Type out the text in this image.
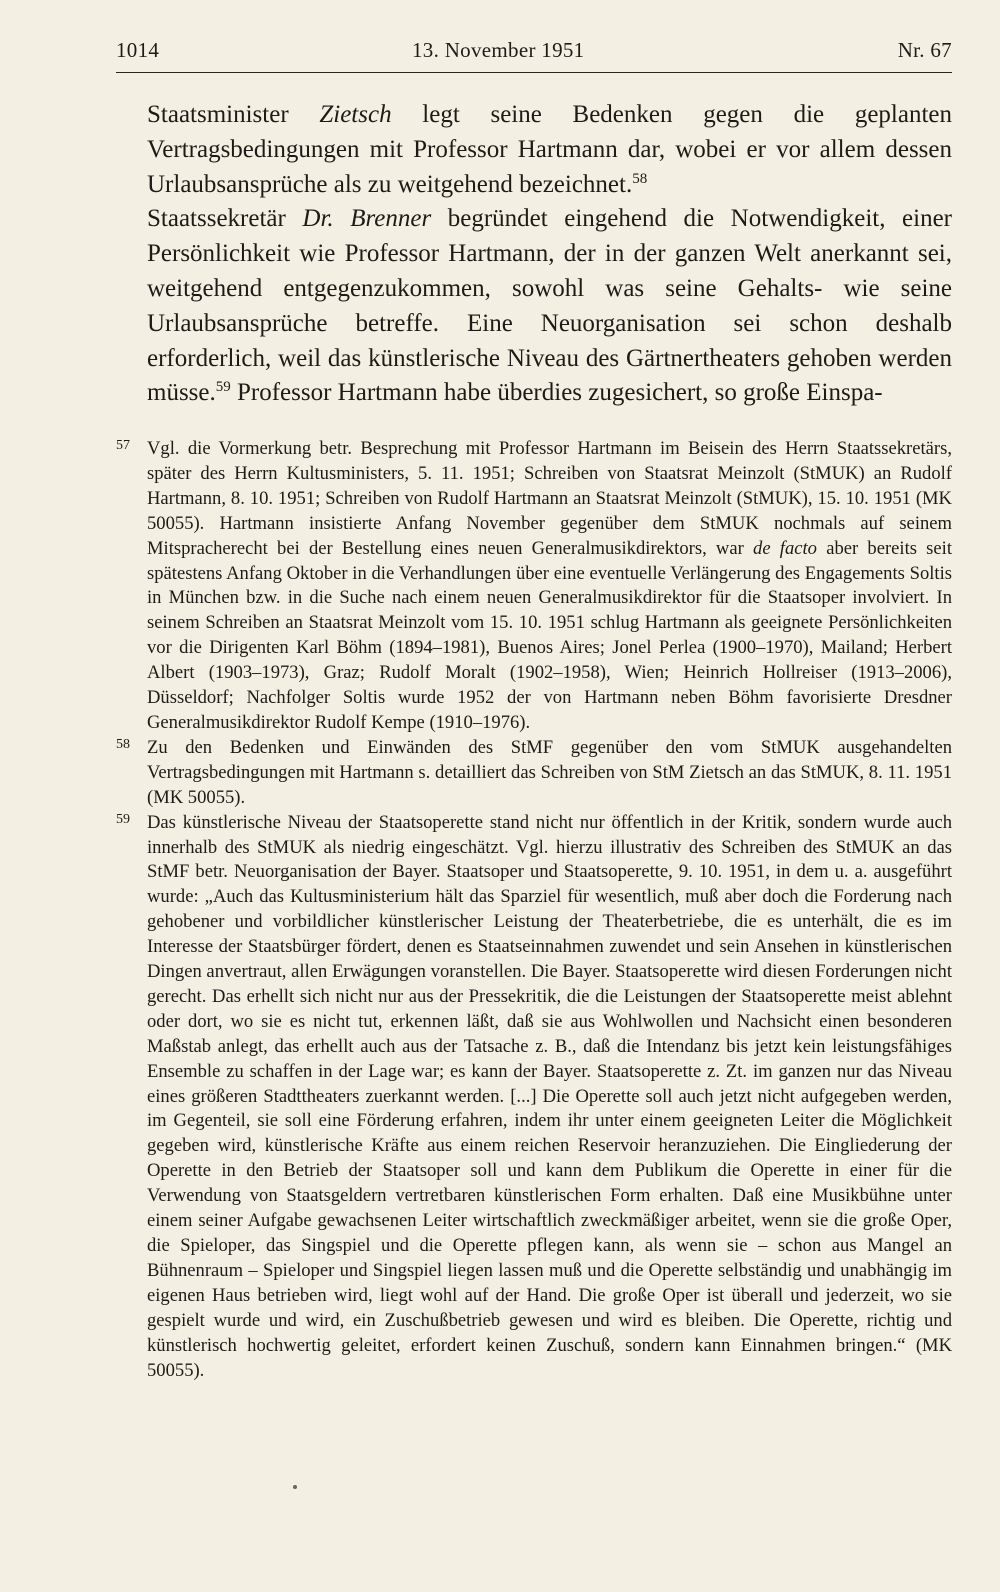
1014	13. November 1951	Nr. 67

Staatsminister Zietsch legt seine Bedenken gegen die geplanten Vertragsbedingungen mit Professor Hartmann dar, wobei er vor allem dessen Urlaubsansprüche als zu weitgehend bezeichnet.$^{58}$

Staatssekretär Dr. Brenner begründet eingehend die Notwendigkeit, einer Persönlichkeit wie Professor Hartmann, der in der ganzen Welt anerkannt sei, weitgehend entgegenzukommen, sowohl was seine Gehalts- wie seine Urlaubsansprüche betreffe. Eine Neuorganisation sei schon deshalb erforderlich, weil das künstlerische Niveau des Gärtnertheaters gehoben werden müsse.$^{59}$ Professor Hartmann habe überdies zugesichert, so große Einspa-

57 Vgl. die Vormerkung betr. Besprechung mit Professor Hartmann im Beisein des Herrn Staatssekretärs, später des Herrn Kultusministers, 5. 11. 1951; Schreiben von Staatsrat Meinzolt (StMUK) an Rudolf Hartmann, 8. 10. 1951; Schreiben von Rudolf Hartmann an Staatsrat Meinzolt (StMUK), 15. 10. 1951 (MK 50055). Hartmann insistierte Anfang November gegenüber dem StMUK nochmals auf seinem Mitspracherecht bei der Bestellung eines neuen Generalmusikdirektors, war de facto aber bereits seit spätestens Anfang Oktober in die Verhandlungen über eine eventuelle Verlängerung des Engagements Soltis in München bzw. in die Suche nach einem neuen Generalmusikdirektor für die Staatsoper involviert. In seinem Schreiben an Staatsrat Meinzolt vom 15. 10. 1951 schlug Hartmann als geeignete Persönlichkeiten vor die Dirigenten Karl Böhm (1894–1981), Buenos Aires; Jonel Perlea (1900–1970), Mailand; Herbert Albert (1903–1973), Graz; Rudolf Moralt (1902–1958), Wien; Heinrich Hollreiser (1913–2006), Düsseldorf; Nachfolger Soltis wurde 1952 der von Hartmann neben Böhm favorisierte Dresdner Generalmusikdirektor Rudolf Kempe (1910–1976).
58 Zu den Bedenken und Einwänden des StMF gegenüber den vom StMUK ausgehandelten Vertragsbedingungen mit Hartmann s. detailliert das Schreiben von StM Zietsch an das StMUK, 8. 11. 1951 (MK 50055).
59 Das künstlerische Niveau der Staatsoperette stand nicht nur öffentlich in der Kritik, sondern wurde auch innerhalb des StMUK als niedrig eingeschätzt. Vgl. hierzu illustrativ des Schreiben des StMUK an das StMF betr. Neuorganisation der Bayer. Staatsoper und Staatsoperette, 9. 10. 1951, in dem u. a. ausgeführt wurde: „Auch das Kultusministerium hält das Sparziel für wesentlich, muß aber doch die Forderung nach gehobener und vorbildlicher künstlerischer Leistung der Theaterbetriebe, die es unterhält, die es im Interesse der Staatsbürger fördert, denen es Staatseinnahmen zuwendet und sein Ansehen in künstlerischen Dingen anvertraut, allen Erwägungen voranstellen. Die Bayer. Staatsoperette wird diesen Forderungen nicht gerecht. Das erhellt sich nicht nur aus der Pressekritik, die die Leistungen der Staatsoperette meist ablehnt oder dort, wo sie es nicht tut, erkennen läßt, daß sie aus Wohlwollen und Nachsicht einen besonderen Maßstab anlegt, das erhellt auch aus der Tatsache z. B., daß die Intendanz bis jetzt kein leistungsfähiges Ensemble zu schaffen in der Lage war; es kann der Bayer. Staatsoperette z. Zt. im ganzen nur das Niveau eines größeren Stadttheaters zuerkannt werden. [...] Die Operette soll auch jetzt nicht aufgegeben werden, im Gegenteil, sie soll eine Förderung erfahren, indem ihr unter einem geeigneten Leiter die Möglichkeit gegeben wird, künstlerische Kräfte aus einem reichen Reservoir heranzuziehen. Die Eingliederung der Operette in den Betrieb der Staatsoper soll und kann dem Publikum die Operette in einer für die Verwendung von Staatsgeldern vertretbaren künstlerischen Form erhalten. Daß eine Musikbühne unter einem seiner Aufgabe gewachsenen Leiter wirtschaftlich zweckmäßiger arbeitet, wenn sie die große Oper, die Spieloper, das Singspiel und die Operette pflegen kann, als wenn sie – schon aus Mangel an Bühnenraum – Spieloper und Singspiel liegen lassen muß und die Operette selbständig und unabhängig im eigenen Haus betrieben wird, liegt wohl auf der Hand. Die große Oper ist überall und jederzeit, wo sie gespielt wurde und wird, ein Zuschußbetrieb gewesen und wird es bleiben. Die Operette, richtig und künstlerisch hochwertig geleitet, erfordert keinen Zuschuß, sondern kann Einnahmen bringen.“ (MK 50055).
